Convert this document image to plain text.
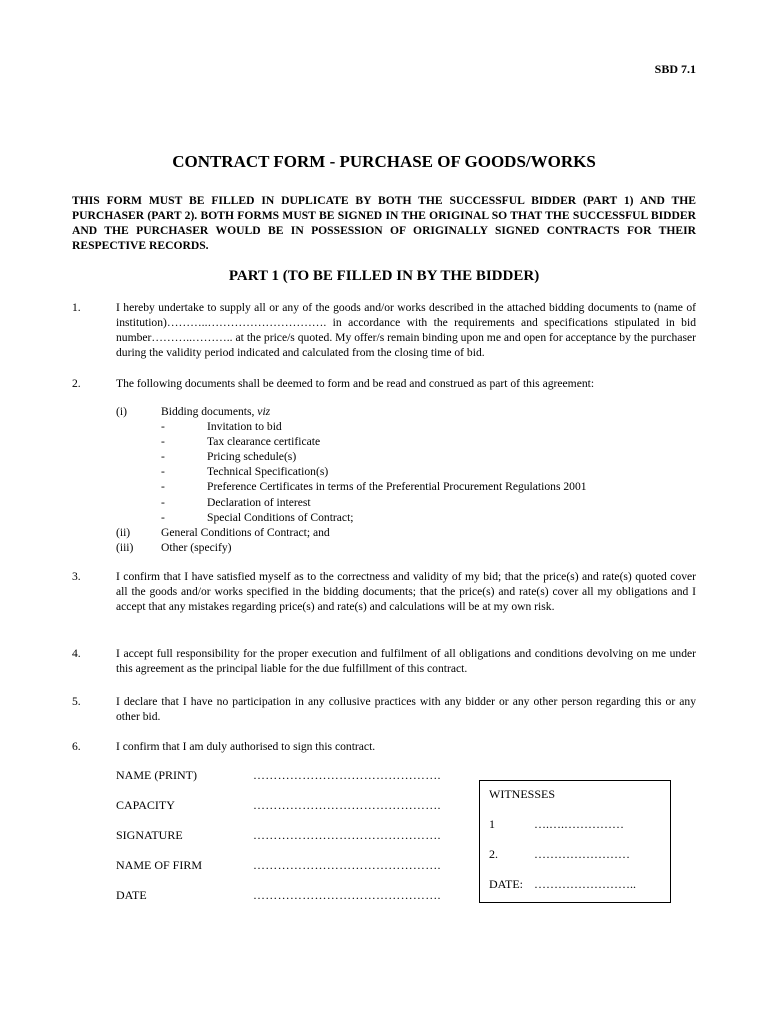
SBD 7.1
CONTRACT FORM - PURCHASE OF GOODS/WORKS
THIS FORM MUST BE FILLED IN DUPLICATE BY BOTH THE SUCCESSFUL BIDDER (PART 1) AND THE PURCHASER (PART 2). BOTH FORMS MUST BE SIGNED IN THE ORIGINAL SO THAT THE SUCCESSFUL BIDDER AND THE PURCHASER WOULD BE IN POSSESSION OF ORIGINALLY SIGNED CONTRACTS FOR THEIR RESPECTIVE RECORDS.
PART 1 (TO BE FILLED IN BY THE BIDDER)
1.	I hereby undertake to supply all or any of the goods and/or works described in the attached bidding documents to (name of institution)………..…………………………. in accordance with the requirements and specifications stipulated in bid number………..……….. at the price/s quoted. My offer/s remain binding upon me and open for acceptance by the purchaser during the validity period indicated and calculated from the closing time of bid.
2.	The following documents shall be deemed to form and be read and construed as part of this agreement:
(i)	Bidding documents, viz
-	Invitation to bid
-	Tax clearance certificate
-	Pricing schedule(s)
-	Technical Specification(s)
-	Preference Certificates in terms of the Preferential Procurement Regulations 2001
-	Declaration of interest
-	Special Conditions of Contract;
(ii)	General Conditions of Contract; and
(iii) Other (specify)
3.	I confirm that I have satisfied myself as to the correctness and validity of my bid; that the price(s) and rate(s) quoted cover all the goods and/or works specified in the bidding documents; that the price(s) and rate(s) cover all my obligations and I accept that any mistakes regarding price(s) and rate(s) and calculations will be at my own risk.
4.	I accept full responsibility for the proper execution and fulfilment of all obligations and conditions devolving on me under this agreement as the principal liable for the due fulfillment of this contract.
5.	I declare that I have no participation in any collusive practices with any bidder or any other person regarding this or any other bid.
6.	I confirm that I am duly authorised to sign this contract.
NAME (PRINT)	……………………………………….
CAPACITY	……………………………………….
SIGNATURE	……………………………………….
NAME OF FIRM	……………………………………….
DATE	……………………………………….
WITNESSES
1	….….……………
2.	……………………
DATE: ……………………..
